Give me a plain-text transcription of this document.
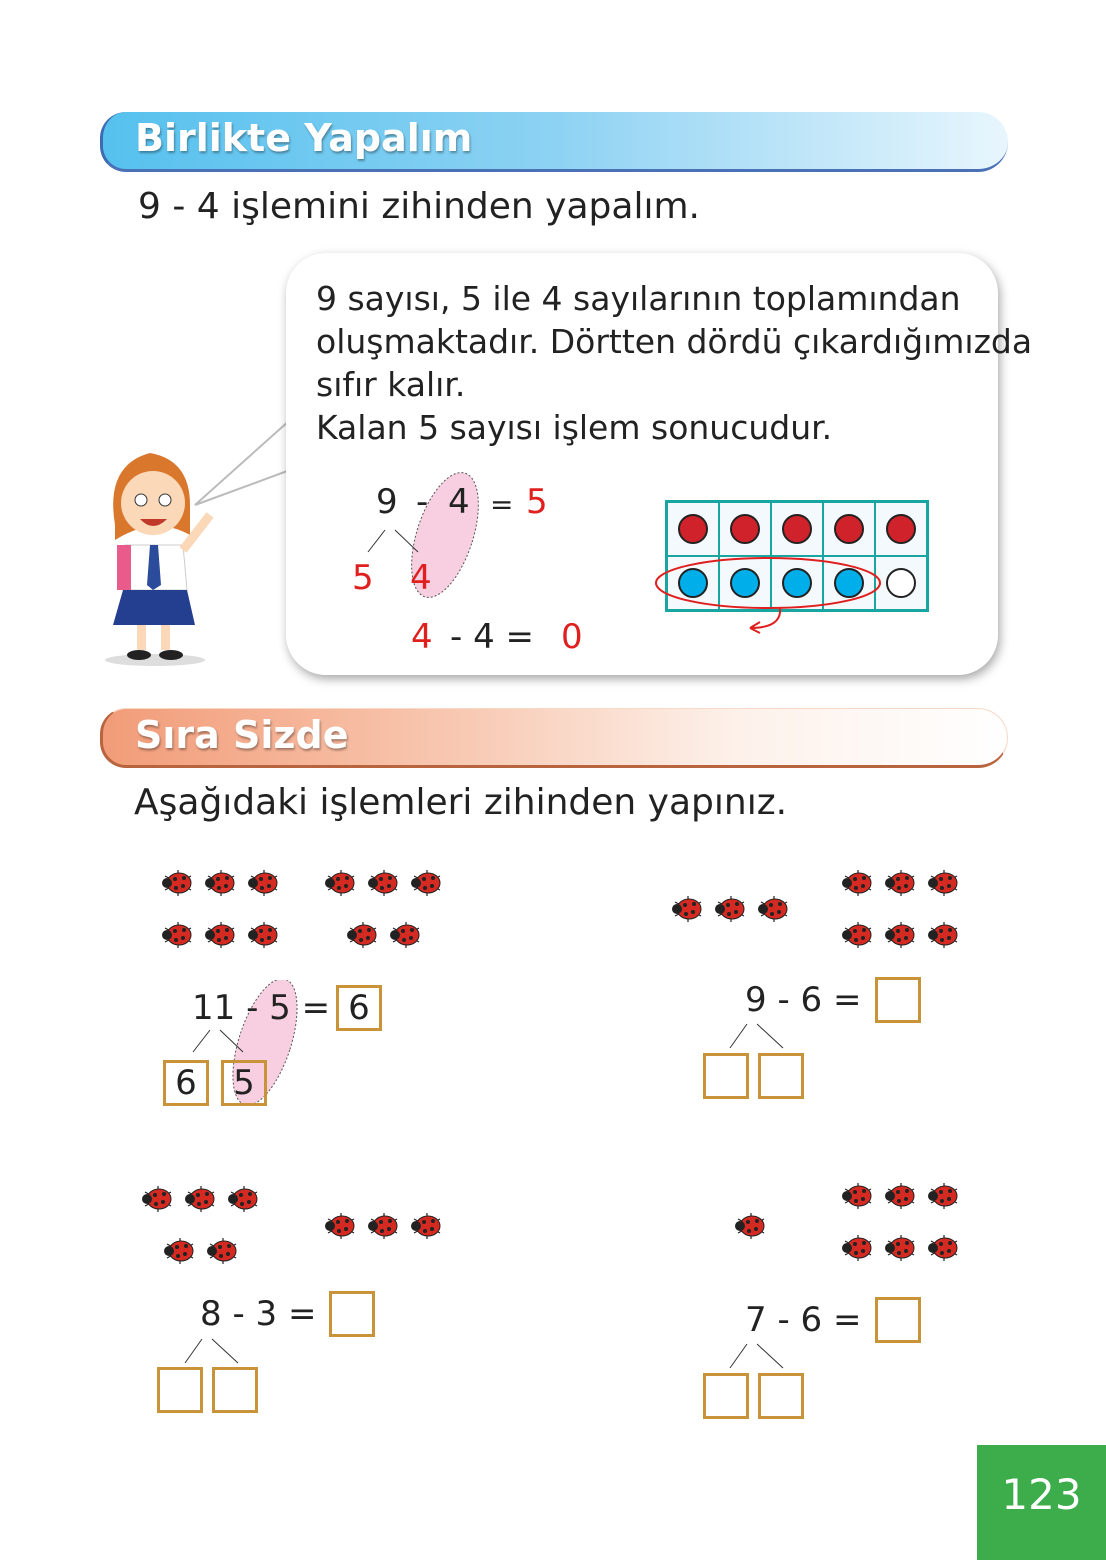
Birlikte Yapalım
9 - 4 işlemini zihinden yapalım.

9 sayısı, 5 ile 4 sayılarının toplamından

oluşmaktadır. Dörtten dördü çıkardığımızda

sıfır kalır.

Kalan 5 sayısı işlem sonucudur.

9 - 4 = 5
5 4
4 - 4 = 0
Sıra Sizde
Aşağıdaki işlemleri zihinden yapınız.
11 - 5 = 6
6	5
9 - 6 =
8 - 3 =	7 - 6 =
123
